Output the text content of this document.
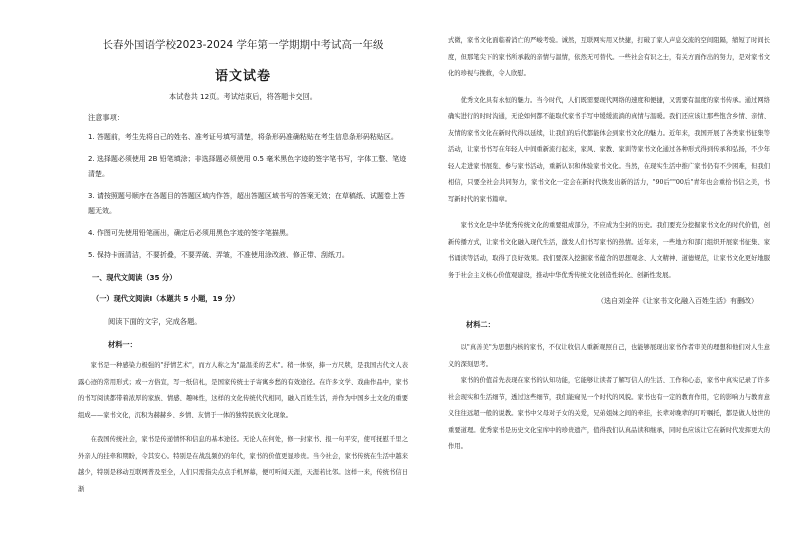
长春外国语学校2023-2024 学年第一学期期中考试高一年级
语文试卷
本试卷共 12页。考试结束后，将答题卡交回。
注意事项：
1. 答题前，考生先将自己的姓名、准考证号填写清楚，将条形码准确粘贴在考生信息条形码粘贴区。
2. 选择题必须使用 2B 铅笔填涂；非选择题必须使用 0.5 毫米黑色字迹的签字笔书写，字体工整、笔迹清楚。
3. 请按照题号顺序在各题目的答题区域内作答，超出答题区域书写的答案无效；在草稿纸、试题卷上答题无效。
4. 作图可先使用铅笔画出，确定后必须用黑色字迹的签字笔描黑。
5. 保持卡面清洁，不要折叠，不要弄破、弄皱，不准使用涂改液、修正带、刮纸刀。
一、现代文阅读（35 分）
（一）现代文阅读Ⅰ（本题共 5 小题，19 分）
阅读下面的文字，完成各题。
材料一：

家书是一种感染力极强的"抒情艺术"，而方人称之为"最温柔的艺术"。稍一体察，捧一方尺牍，是我国古代文人表露心迹的常用形式；或一方俗宣，写一纸信札，是国家传统士子寄寓乡愁的有效途径。在许多文学、戏曲作品中，家书的书写阅读都带着浓厚的家族、情感、趣味性，这样的文化传统代代相同，融入百姓生活，并作为中国乡土文化的重要组成——家书文化，沉积为赫赫乡、乡情、友情于一体的独特民族文化现象。

在我国传统社会，家书是传递情怀和信息的基本途径。无论人在何处，修一封家书、报一句平安，使可抚慰千里之外亲人的挂牵和期盼，令其安心。特别是在战乱频仍的年代，家书的价值更显珍贵。当今社会，家书传统在生活中越来越少，特别是移动互联网普及至全，人们只需指尖点点手机屏幕，便可听闻天涯，天涯若比邻。这样一来，传统书信日渐

式微，家书文化面临着消亡的严峻考验。诚然，互联网实用又快捷，打破了家人声息交流的空间阻隔，缩短了时间长度，但那笔尖下的家书所承载的亲情与温情，依然无可替代。一些社会有识之士，有关方面作出的努力，是对家书文化的珍视与挽救，令人欣慰。

优秀文化具有永恒的魅力。当今时代，人们既需要现代网络的速度和便捷，又需要有温度的家书传承。通过网络确实进行的时时沟通，无论如何都不能取代家书手写中缓缓流淌的真情与温暖。我们还应该让那些饱含乡情、亲情、友情的家书文化在新时代得以延续，让我们的后代都能体会到家书文化的魅力。近年来，我国开展了各类家书征集等活动，让家书书写在年轻人中间重新流行起来，家风、家教、家训等家书文化通过各种形式得到传承和弘扬，不少年轻人走进家书展览、参与家书活动，重新认识和体验家书文化。当然，在现实生活中推广家书仍有不少困难，但我们相信，只要全社会共同努力，家书文化一定会在新时代焕发出新的活力，"90后""00后"青年也会重拾书信之美，书写新时代的家书篇章。

家书文化是中华优秀传统文化的重要组成部分，不应成为尘封的历史。我们要充分挖掘家书文化的时代价值，创新传播方式，让家书文化融入现代生活，激发人们书写家书的热情。近年来，一些地方和部门组织开展家书征集、家书诵读等活动，取得了良好效果。我们要深入挖掘家书蕴含的思想观念、人文精神、道德规范，让家书文化更好地服务于社会主义核心价值观建设，推动中华优秀传统文化创造性转化、创新性发展。

（选自刘金祥《让家书文化融入百姓生活》有删改）
材料二：

以"真善美"为思想内核的家书，不仅让收信人重新观照自己，也能够展现出家书作者审美的理想和他们对人生意义的深刻思考。

家书的价值首先表现在家书的认知功能，它能够让读者了解写信人的生活、工作和心态，家书中真实记录了许多社会现实和生活细节，透过这些细节，我们能窥见一个时代的风貌。家书也有一定的教育作用，它的影响力与教育意义往往远超一般的说教。家书中父母对子女的关爱，兄弟姐妹之间的牵挂，长辈对晚辈的叮咛嘱托，都是做人处世的重要道理。优秀家书是历史文化宝库中的珍贵遗产，值得我们认真品读和继承，同时也应该让它在新时代发挥更大的作用。
